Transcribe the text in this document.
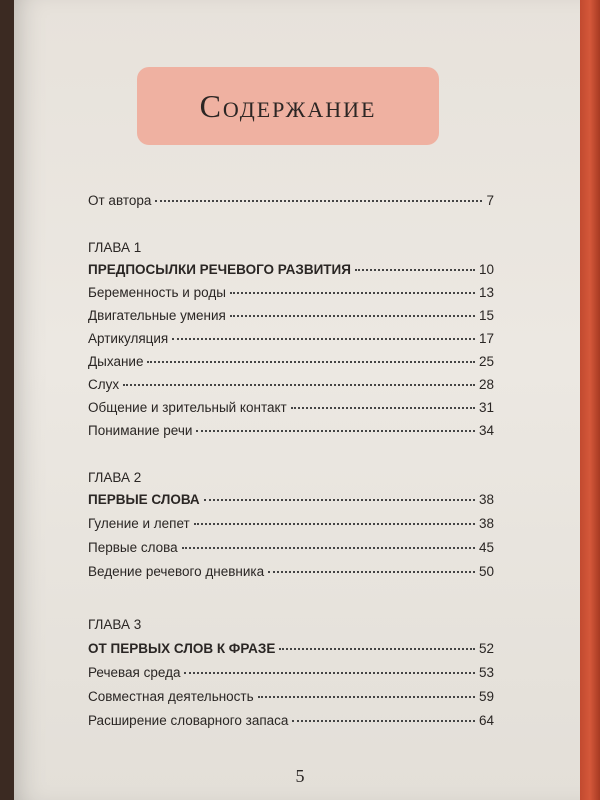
Содержание
От автора	7
ГЛАВА 1
ПРЕДПОСЫЛКИ РЕЧЕВОГО РАЗВИТИЯ	10
Беременность и роды	13
Двигательные умения	15
Артикуляция	17
Дыхание	25
Слух	28
Общение и зрительный контакт	31
Понимание речи	34
ГЛАВА 2
ПЕРВЫЕ СЛОВА	38
Гуление и лепет	38
Первые слова	45
Ведение речевого дневника	50
ГЛАВА 3
ОТ ПЕРВЫХ СЛОВ К ФРАЗЕ	52
Речевая среда	53
Совместная деятельность	59
Расширение словарного запаса	64
5
